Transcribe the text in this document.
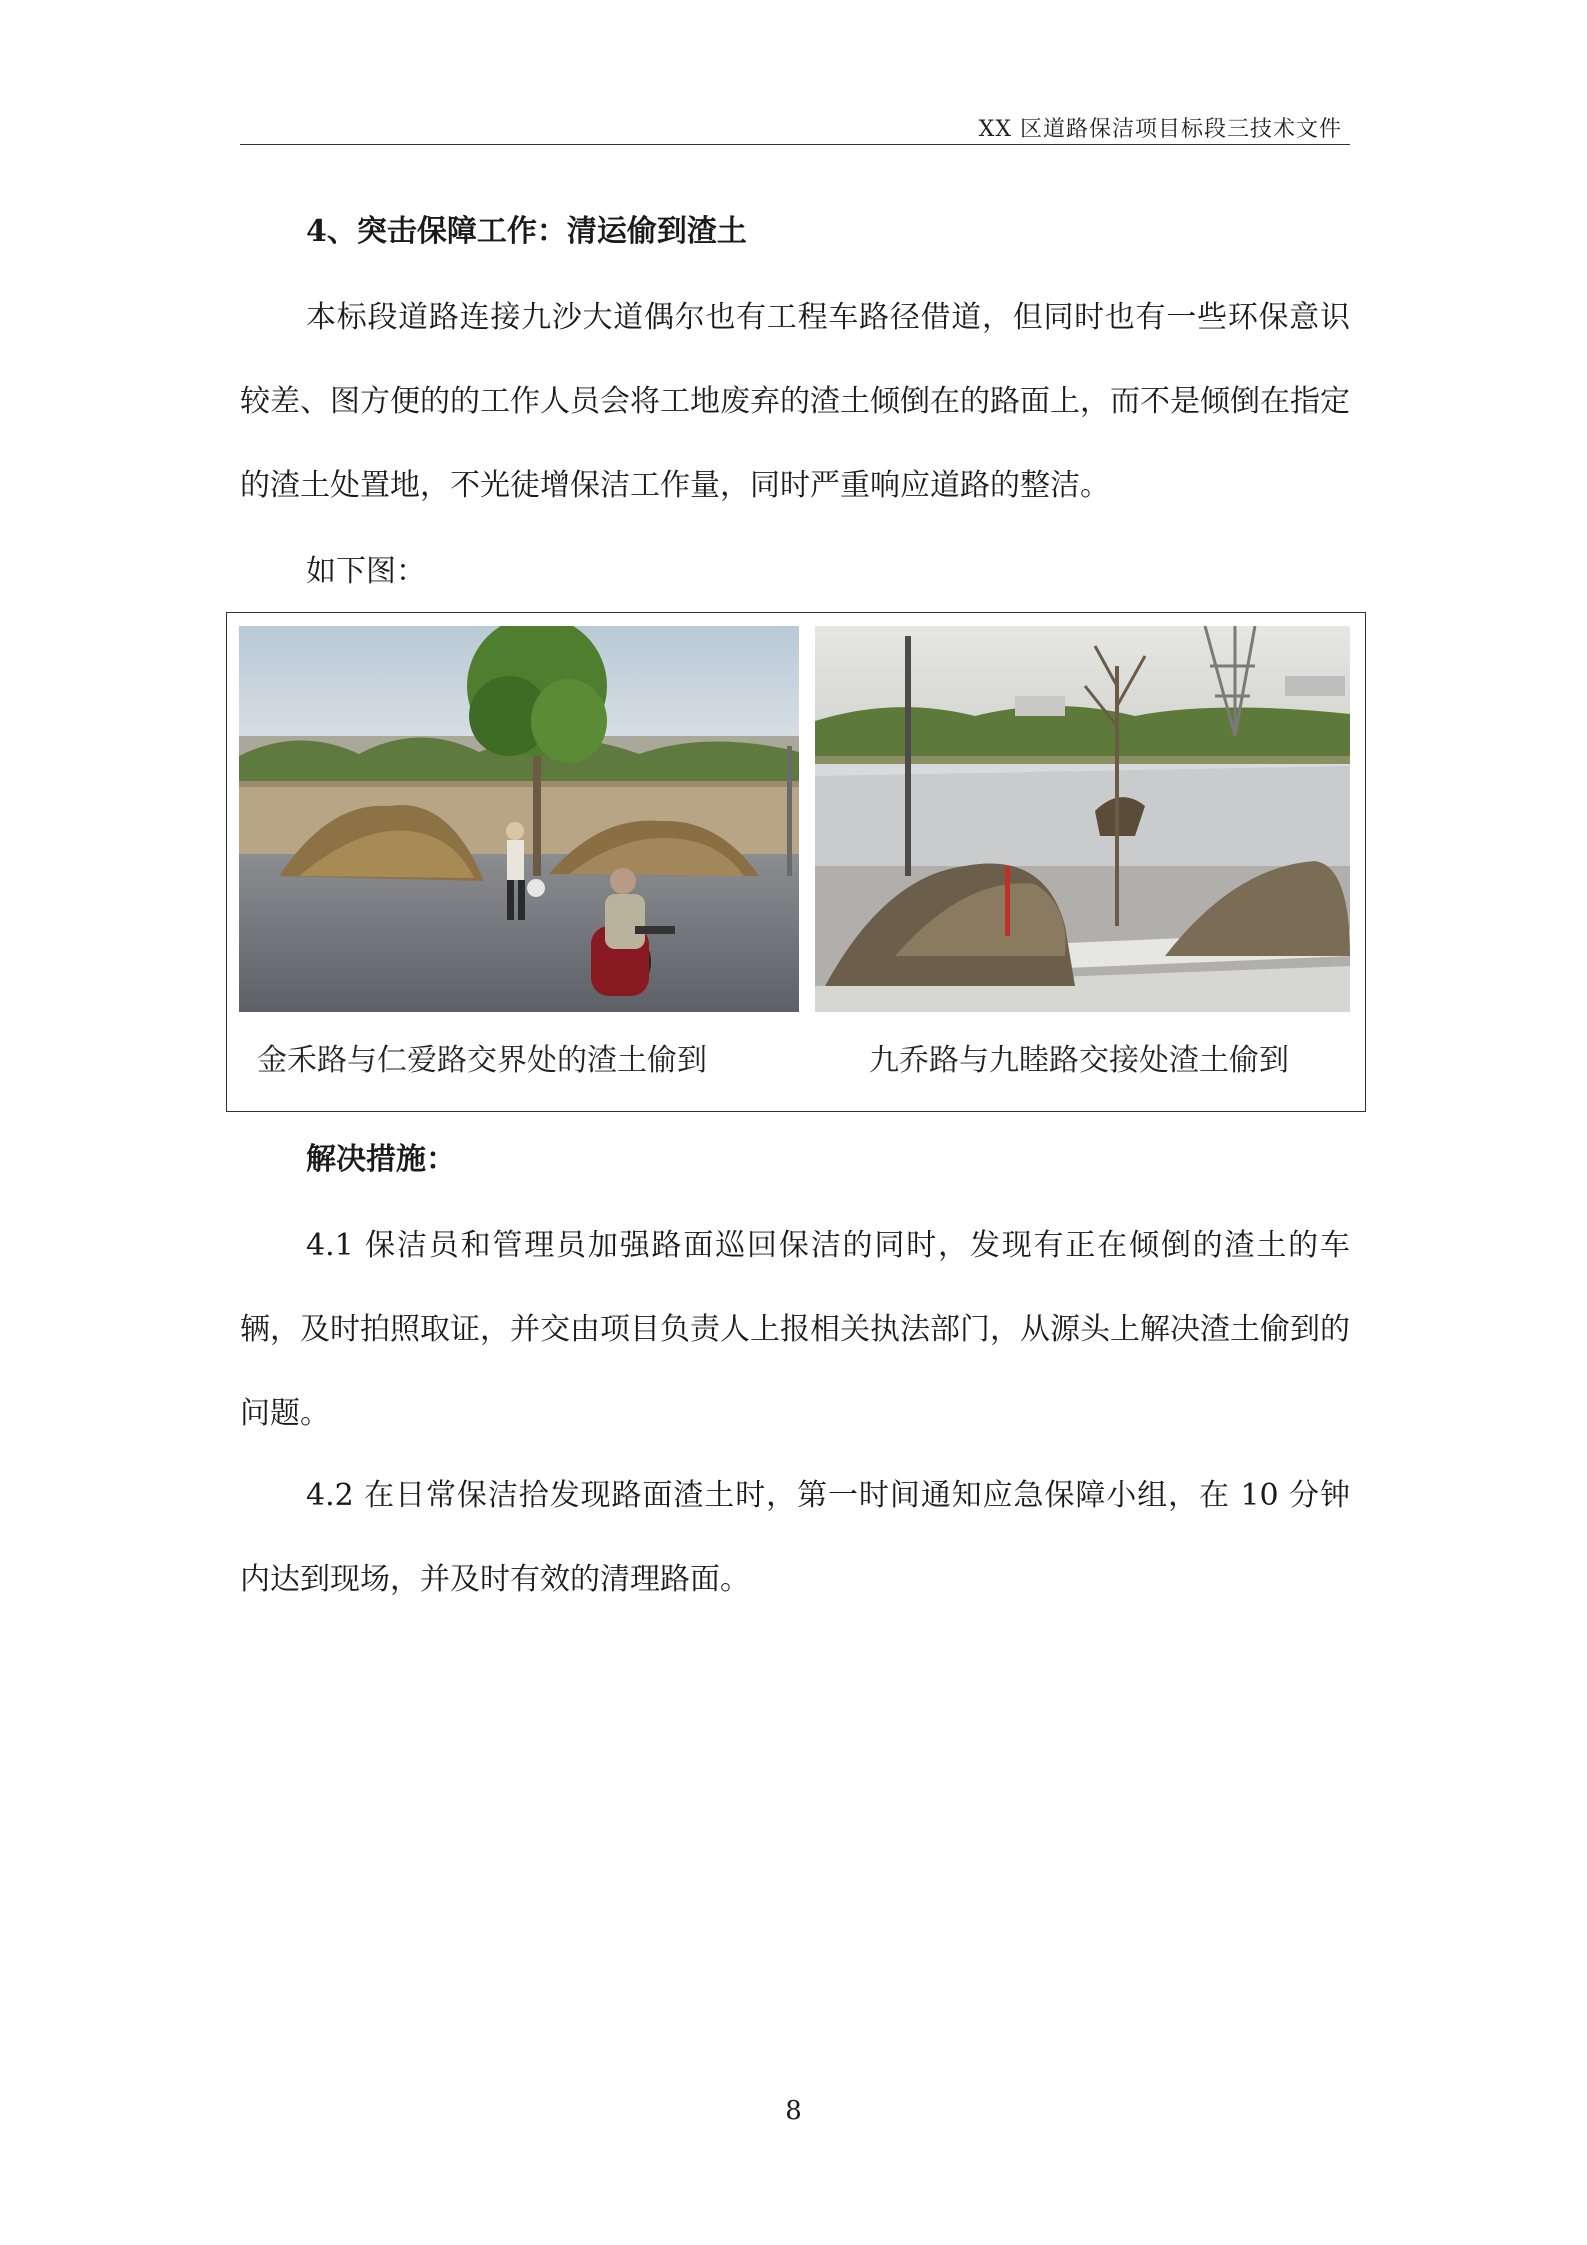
XX 区道路保洁项目标段三技术文件

4、突击保障工作：清运偷到渣土

本标段道路连接九沙大道偶尔也有工程车路径借道，但同时也有一些环保意识较差、图方便的的工作人员会将工地废弃的渣土倾倒在的路面上，而不是倾倒在指定的渣土处置地，不光徒增保洁工作量，同时严重响应道路的整洁。

如下图：

金禾路与仁爱路交界处的渣土偷到	九乔路与九睦路交接处渣土偷到

解决措施：

4.1 保洁员和管理员加强路面巡回保洁的同时，发现有正在倾倒的渣土的车辆，及时拍照取证，并交由项目负责人上报相关执法部门，从源头上解决渣土偷到的问题。

4.2 在日常保洁拾发现路面渣土时，第一时间通知应急保障小组，在 10 分钟内达到现场，并及时有效的清理路面。

8
